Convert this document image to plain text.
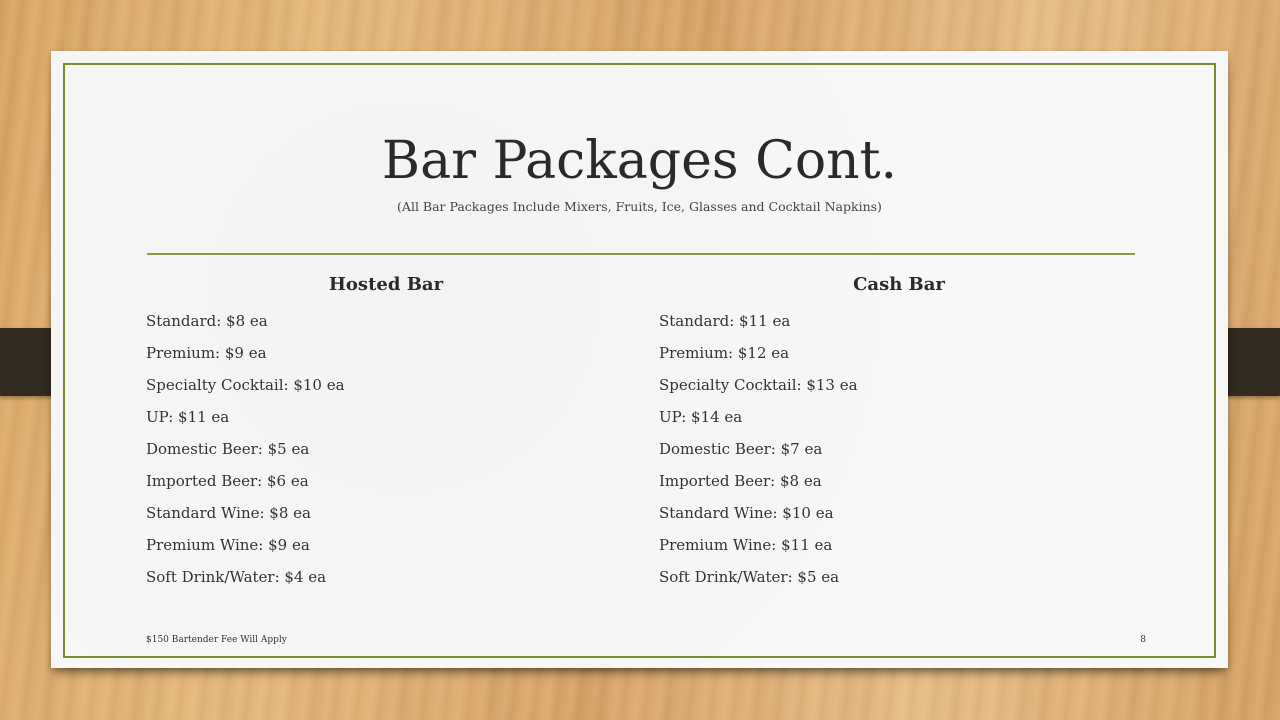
Bar Packages Cont.
(All Bar Packages Include Mixers, Fruits, Ice, Glasses and Cocktail Napkins)
Hosted Bar
Standard: $8 ea
Premium: $9 ea
Specialty Cocktail: $10 ea
UP: $11 ea
Domestic Beer: $5 ea
Imported Beer: $6 ea
Standard Wine: $8 ea
Premium Wine: $9 ea
Soft Drink/Water: $4 ea
Cash Bar
Standard: $11 ea
Premium: $12 ea
Specialty Cocktail: $13 ea
UP: $14 ea
Domestic Beer: $7 ea
Imported Beer: $8 ea
Standard Wine: $10 ea
Premium Wine: $11 ea
Soft Drink/Water: $5 ea
$150 Bartender Fee Will Apply	8
